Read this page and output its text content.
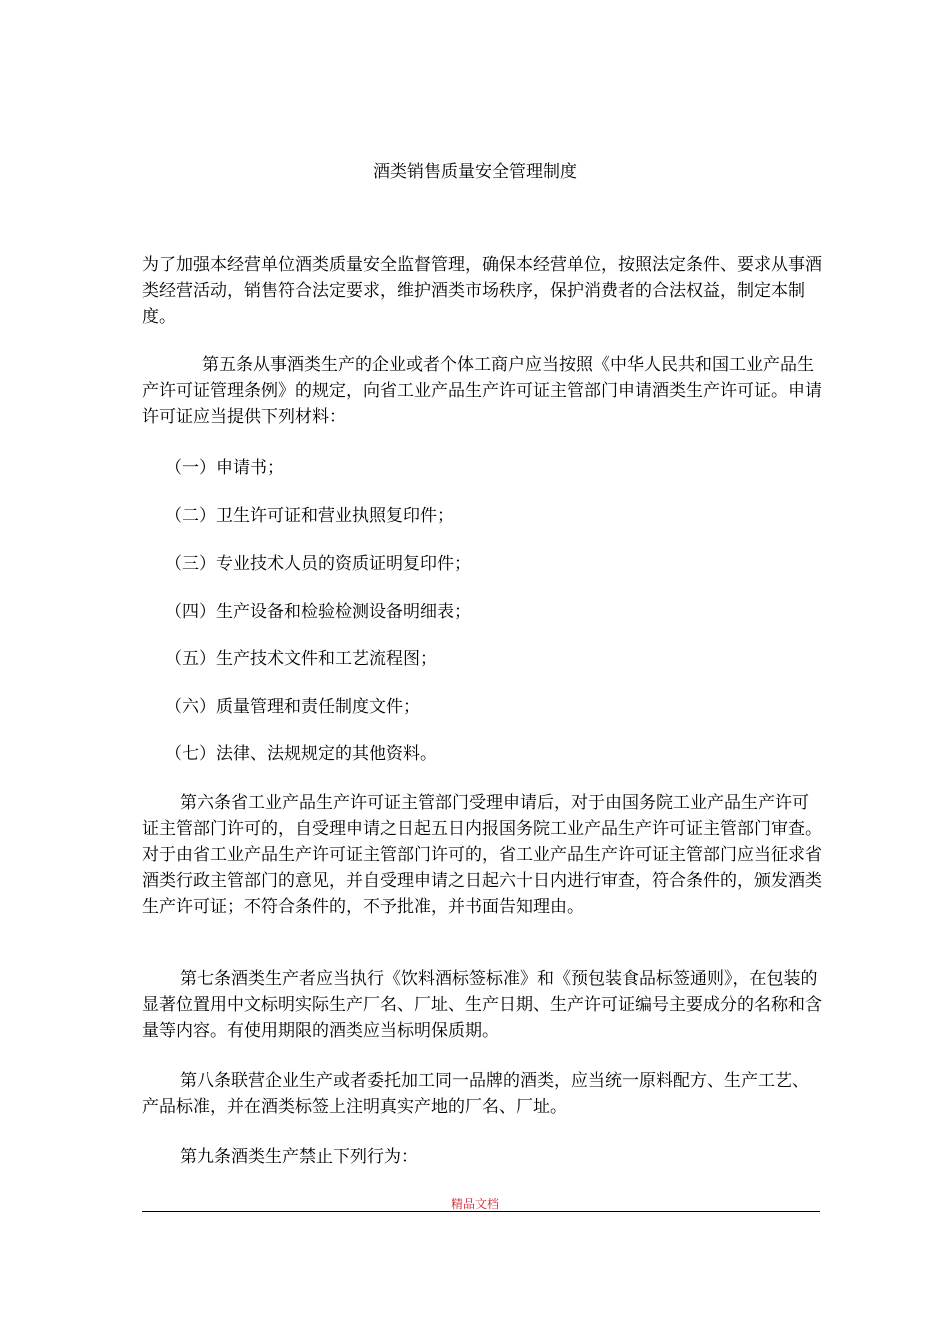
酒类销售质量安全管理制度

为了加强本经营单位酒类质量安全监督管理，确保本经营单位，按照法定条件、要求从事酒类经营活动，销售符合法定要求，维护酒类市场秩序，保护消费者的合法权益，制定本制度。

第五条从事酒类生产的企业或者个体工商户应当按照《中华人民共和国工业产品生产许可证管理条例》的规定，向省工业产品生产许可证主管部门申请酒类生产许可证。申请许可证应当提供下列材料：

（一）申请书；
（二）卫生许可证和营业执照复印件；
（三）专业技术人员的资质证明复印件；
（四）生产设备和检验检测设备明细表；
（五）生产技术文件和工艺流程图；
（六）质量管理和责任制度文件；
（七）法律、法规规定的其他资料。

第六条省工业产品生产许可证主管部门受理申请后，对于由国务院工业产品生产许可证主管部门许可的，自受理申请之日起五日内报国务院工业产品生产许可证主管部门审查。对于由省工业产品生产许可证主管部门许可的，省工业产品生产许可证主管部门应当征求省酒类行政主管部门的意见，并自受理申请之日起六十日内进行审查，符合条件的，颁发酒类生产许可证；不符合条件的，不予批准，并书面告知理由。

第七条酒类生产者应当执行《饮料酒标签标准》和《预包装食品标签通则》，在包装的显著位置用中文标明实际生产厂名、厂址、生产日期、生产许可证编号主要成分的名称和含量等内容。有使用期限的酒类应当标明保质期。

第八条联营企业生产或者委托加工同一品牌的酒类，应当统一原料配方、生产工艺、产品标准，并在酒类标签上注明真实产地的厂名、厂址。

第九条酒类生产禁止下列行为：

精品文档
